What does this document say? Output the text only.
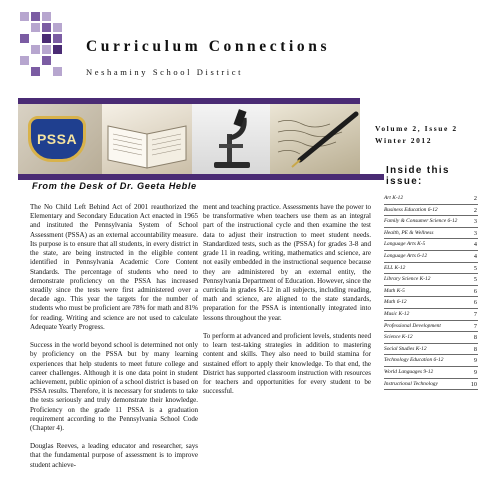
Curriculum Connections
Neshaminy School District
PSSA
Volume 2, Issue 2
Winter 2012
From the Desk of Dr. Geeta Heble

The No Child Left Behind Act of 2001 reauthorized the Elementary and Secondary Education Act enacted in 1965 and instituted the Pennsylvania System of School Assessment (PSSA) as an external accountability measure. Its purpose is to ensure that all students, in every district in the state, are being instructed in the eligible content identified in Pennsylvania Academic Core Content Standards. The percentage of students who need to demonstrate proficiency on the PSSA has increased steadily since the tests were first administered over a decade ago. This year the targets for the number of students who must be proficient are 78% for math and 81% for reading. Writing and science are not used to calculate Adequate Yearly Progress.

Success in the world beyond school is determined not only by proficiency on the PSSA but by many learning experiences that help students to meet future college and career challenges. Although it is one data point in student achievement, public opinion of a school district is based on PSSA results. Therefore, it is necessary for students to take the tests seriously and truly demonstrate their knowledge. Proficiency on the grade 11 PSSA is a graduation requirement according to the Pennsylvania School Code (Chapter 4).

Douglas Reeves, a leading educator and researcher, says that the fundamental purpose of assessment is to improve student achieve-

ment and teaching practice. Assessments have the power to be transformative when teachers use them as an integral part of the instructional cycle and then examine the test data to adjust their instruction to meet student needs. Standardized tests, such as the (PSSA) for grades 3-8 and grade 11 in reading, writing, mathematics and science, are not easily embedded in the instructional sequence because they are administered by an external entity, the Pennsylvania Department of Education. However, since the curricula in grades K-12 in all subjects, including reading, math and science, are aligned to the state standards, preparation for the PSSA is intentionally integrated into lessons throughout the year.

To perform at advanced and proficient levels, students need to learn test-taking strategies in addition to mastering content and skills. They also need to build stamina for sustained effort to apply their knowledge. To that end, the District has supported classroom instruction with resources for teachers and opportunities for every student to be successful.

Inside this issue:
Art K-12	2
Business Education 6-12	2
Family & Consumer Science 6-12	3
Health, PE & Wellness	3
Language Arts K-5	4
Language Arts 6-12	4
ELL K-12	5
Library Science K-12	5
Math K-5	6
Math 6-12	6
Music K-12	7
Professional Development	7
Science K-12	8
Social Studies K-12	8
Technology Education 6-12	9
World Languages 9-12	9
Instructional Technology	10
